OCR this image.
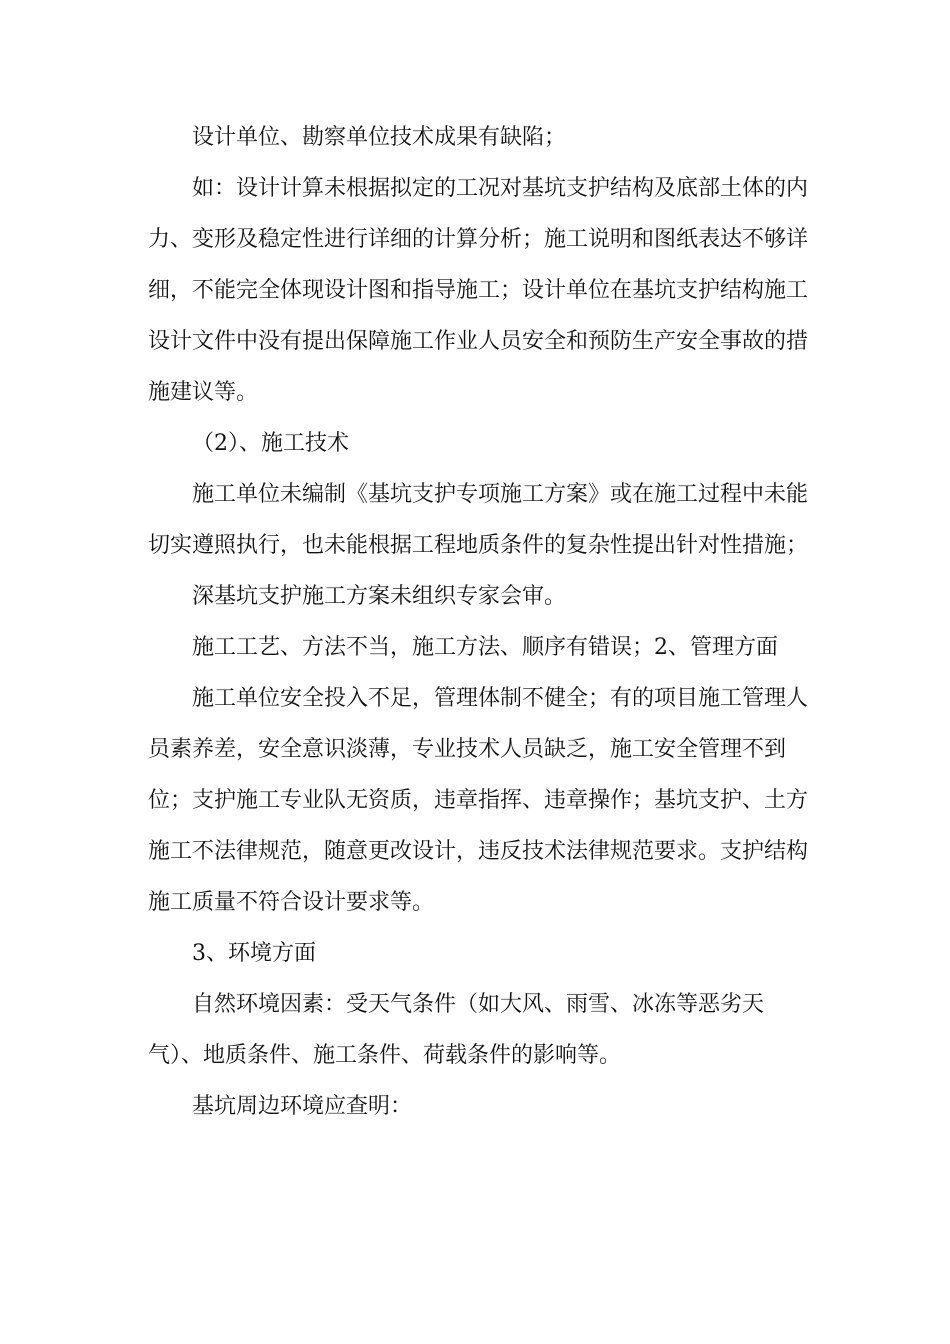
设计单位、勘察单位技术成果有缺陷；

如：设计计算未根据拟定的工况对基坑支护结构及底部土体的内力、变形及稳定性进行详细的计算分析；施工说明和图纸表达不够详细，不能完全体现设计图和指导施工；设计单位在基坑支护结构施工设计文件中没有提出保障施工作业人员安全和预防生产安全事故的措施建议等。

（2）、施工技术

施工单位未编制《基坑支护专项施工方案》或在施工过程中未能切实遵照执行，也未能根据工程地质条件的复杂性提出针对性措施；

深基坑支护施工方案未组织专家会审。

施工工艺、方法不当，施工方法、顺序有错误；2、管理方面

施工单位安全投入不足，管理体制不健全；有的项目施工管理人员素养差，安全意识淡薄，专业技术人员缺乏，施工安全管理不到位；支护施工专业队无资质，违章指挥、违章操作；基坑支护、土方施工不法律规范，随意更改设计，违反技术法律规范要求。支护结构施工质量不符合设计要求等。

3、环境方面

自然环境因素：受天气条件（如大风、雨雪、冰冻等恶劣天气）、地质条件、施工条件、荷载条件的影响等。

基坑周边环境应查明：
